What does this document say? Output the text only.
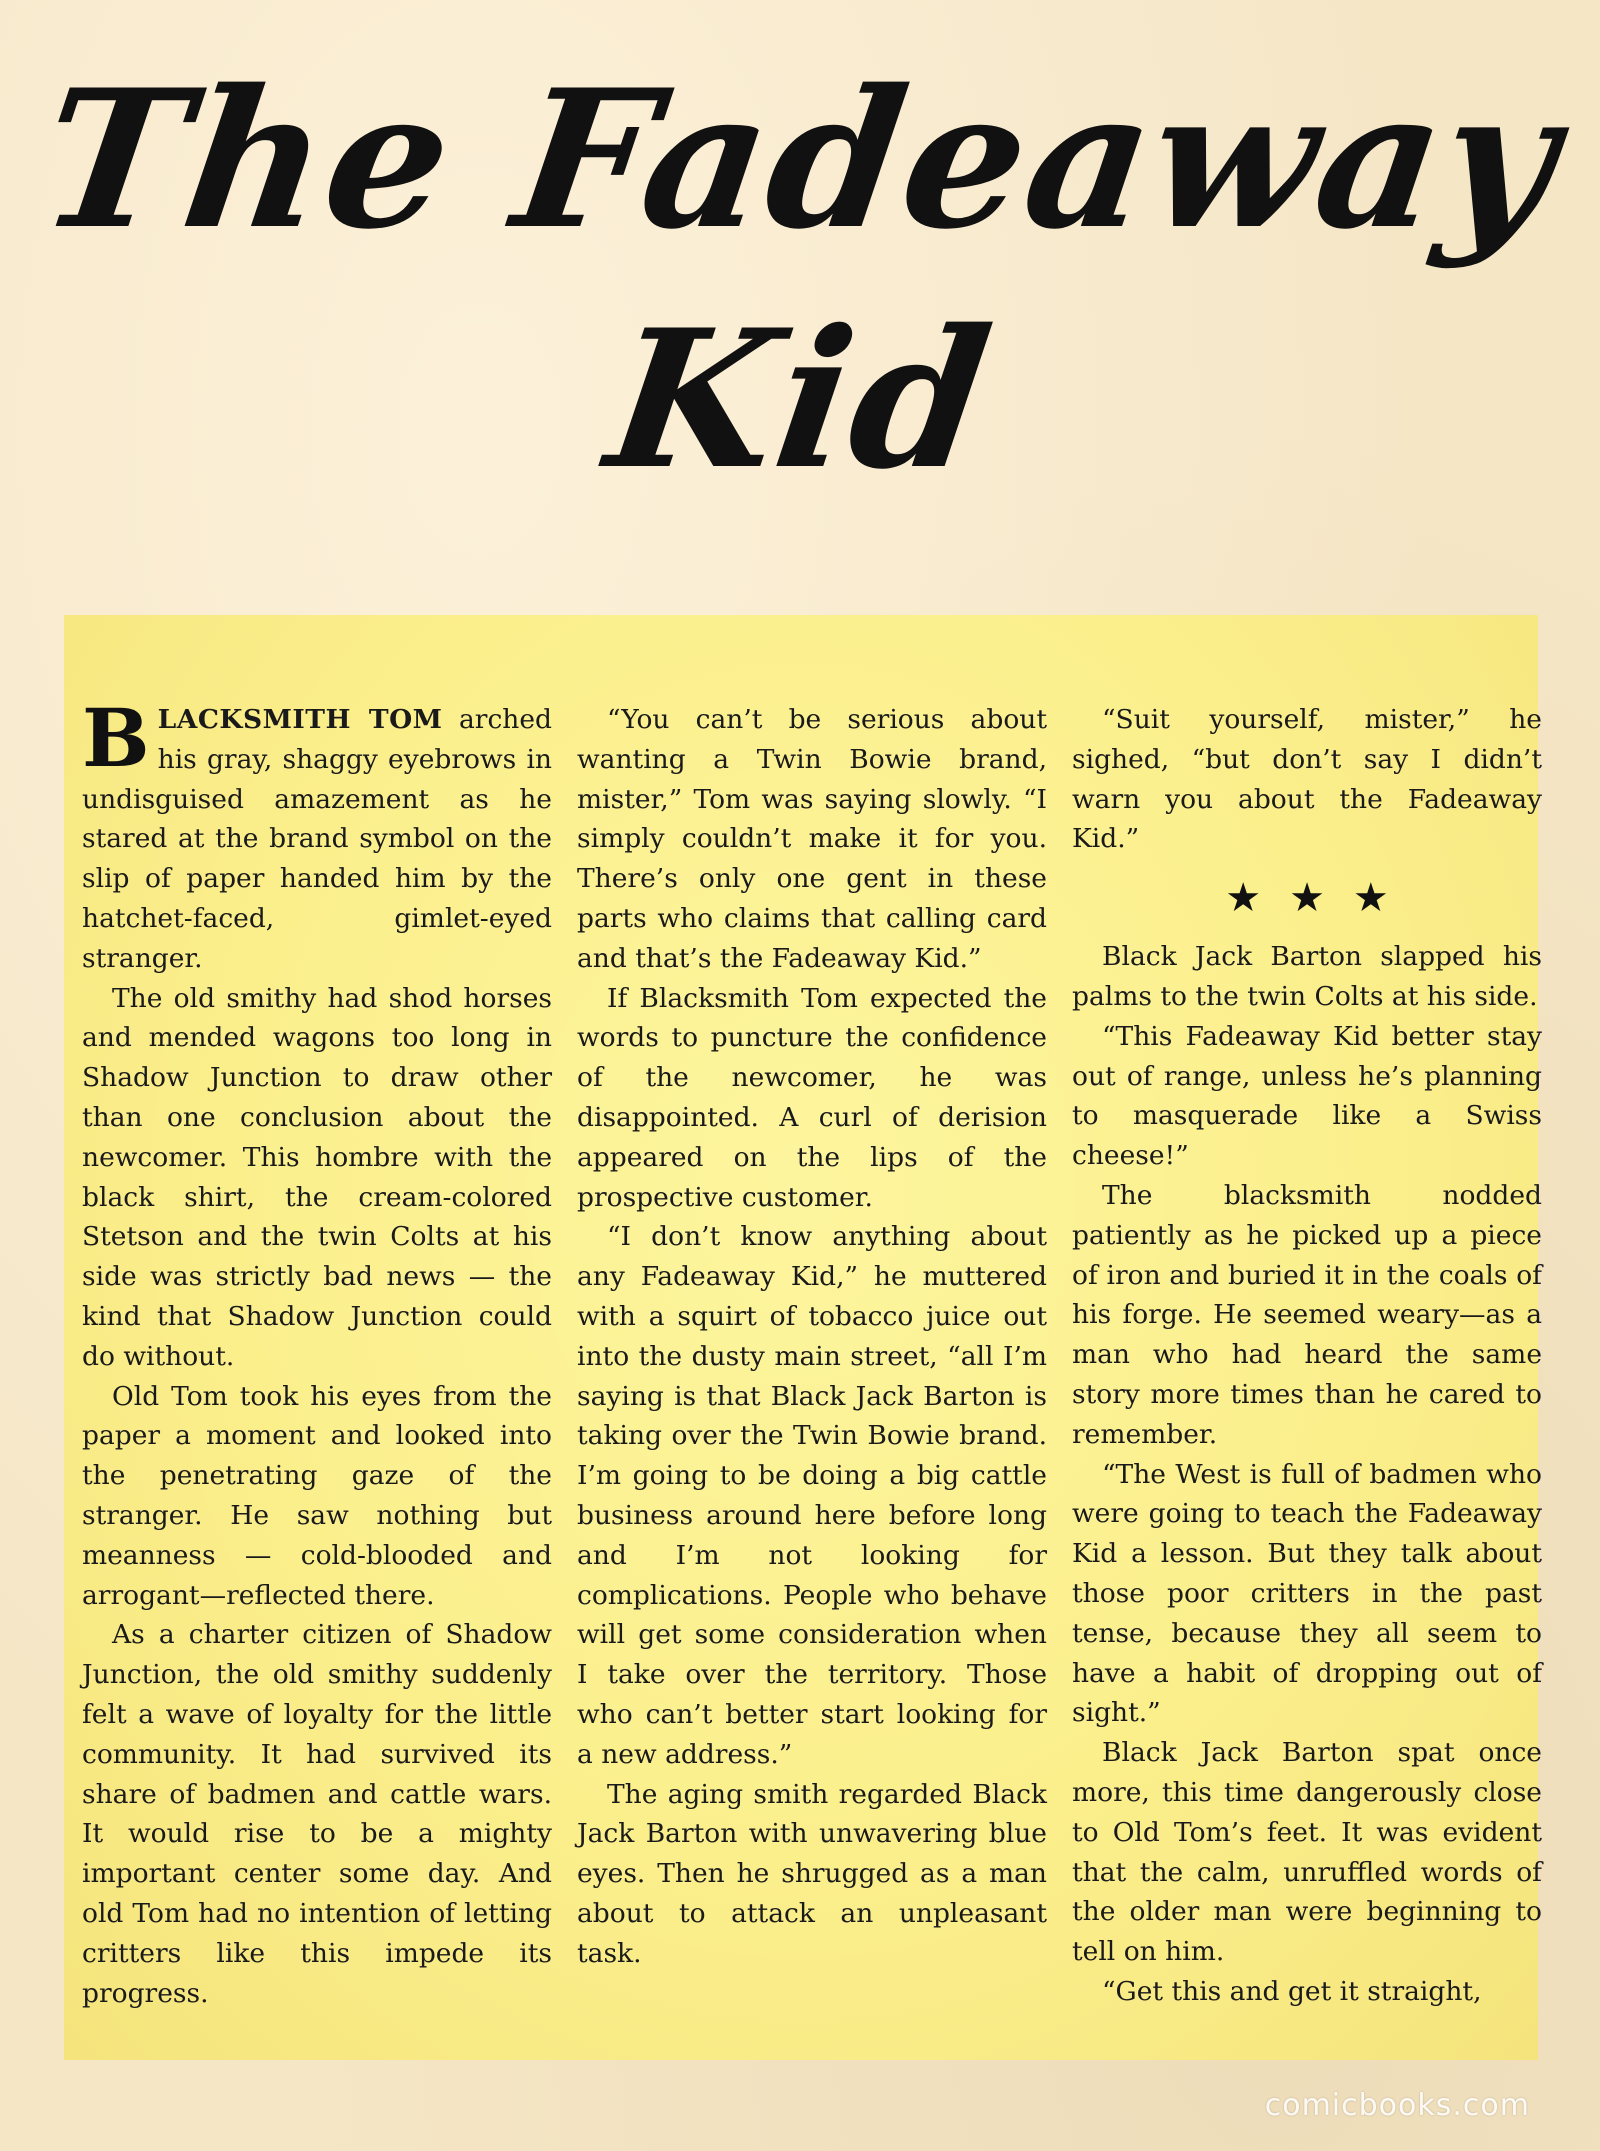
The Fadeaway
Kid

BLACKSMITH TOM arched his gray, shaggy eyebrows in undisguised amazement as he stared at the brand symbol on the slip of paper handed him by the hatchet-faced, gimlet-eyed stranger.

The old smithy had shod horses and mended wagons too long in Shadow Junction to draw other than one conclusion about the newcomer. This hombre with the black shirt, the cream-colored Stetson and the twin Colts at his side was strictly bad news — the kind that Shadow Junction could do without.

Old Tom took his eyes from the paper a moment and looked into the penetrating gaze of the stranger. He saw nothing but meanness — cold-blooded and arrogant—reflected there.

As a charter citizen of Shadow Junction, the old smithy suddenly felt a wave of loyalty for the little community. It had survived its share of badmen and cattle wars. It would rise to be a mighty important center some day. And old Tom had no intention of letting critters like this impede its progress.

“You can’t be serious about wanting a Twin Bowie brand, mister,” Tom was saying slowly. “I simply couldn’t make it for you. There’s only one gent in these parts who claims that calling card and that’s the Fadeaway Kid.”

If Blacksmith Tom expected the words to puncture the confidence of the newcomer, he was disappointed. A curl of derision appeared on the lips of the prospective customer.

“I don’t know anything about any Fadeaway Kid,” he muttered with a squirt of tobacco juice out into the dusty main street, “all I’m saying is that Black Jack Barton is taking over the Twin Bowie brand. I’m going to be doing a big cattle business around here before long and I’m not looking for complications. People who behave will get some consideration when I take over the territory. Those who can’t better start looking for a new address.”

The aging smith regarded Black Jack Barton with unwavering blue eyes. Then he shrugged as a man about to attack an unpleasant task.

“Suit yourself, mister,” he sighed, “but don’t say I didn’t warn you about the Fadeaway Kid.”

★★★

Black Jack Barton slapped his palms to the twin Colts at his side.

“This Fadeaway Kid better stay out of range, unless he’s planning to masquerade like a Swiss cheese!”

The blacksmith nodded patiently as he picked up a piece of iron and buried it in the coals of his forge. He seemed weary—as a man who had heard the same story more times than he cared to remember.

“The West is full of badmen who were going to teach the Fadeaway Kid a lesson. But they talk about those poor critters in the past tense, because they all seem to have a habit of dropping out of sight.”

Black Jack Barton spat once more, this time dangerously close to Old Tom’s feet. It was evident that the calm, unruffled words of the older man were beginning to tell on him.

“Get this and get it straight,

comicbooks.com
